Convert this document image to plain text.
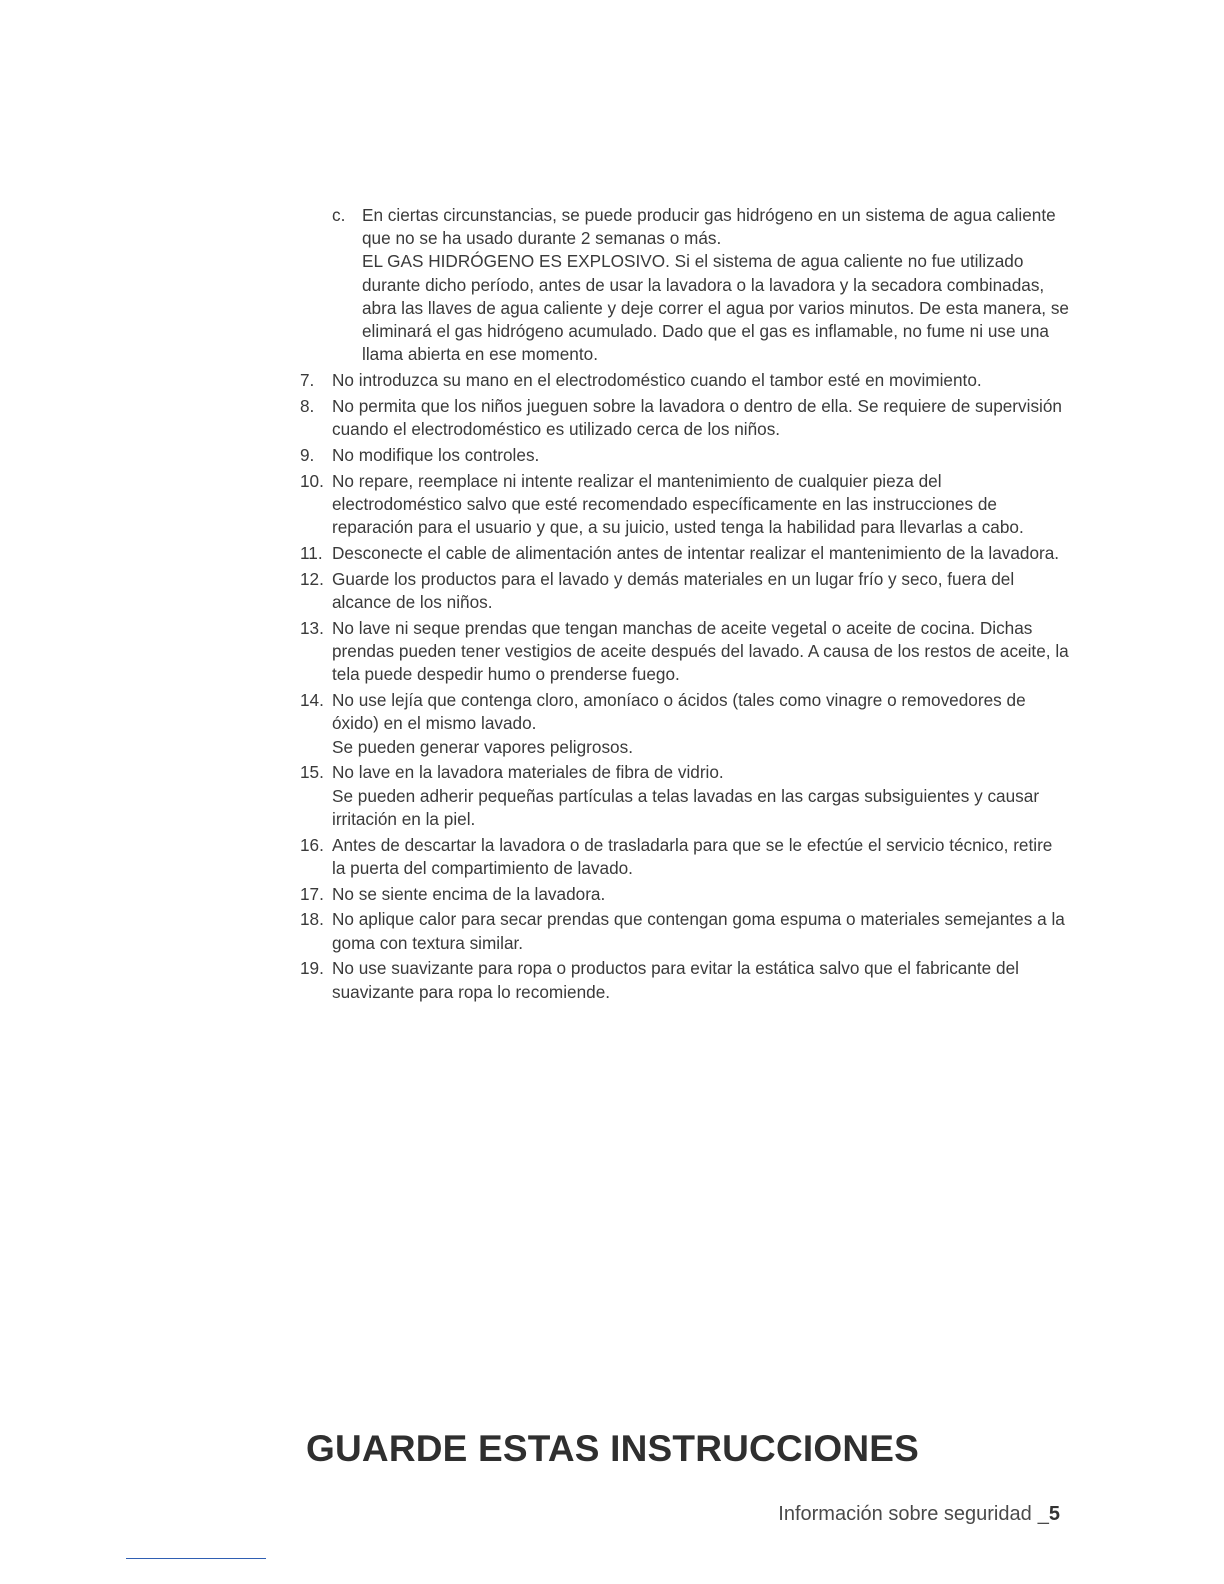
c. En ciertas circunstancias, se puede producir gas hidrógeno en un sistema de agua caliente que no se ha usado durante 2 semanas o más.
EL GAS HIDRÓGENO ES EXPLOSIVO. Si el sistema de agua caliente no fue utilizado durante dicho período, antes de usar la lavadora o la lavadora y la secadora combinadas, abra las llaves de agua caliente y deje correr el agua por varios minutos. De esta manera, se eliminará el gas hidrógeno acumulado. Dado que el gas es inflamable, no fume ni use una llama abierta en ese momento.
7.	No introduzca su mano en el electrodoméstico cuando el tambor esté en movimiento.
8.	No permita que los niños jueguen sobre la lavadora o dentro de ella. Se requiere de supervisión cuando el electrodoméstico es utilizado cerca de los niños.
9.	No modifique los controles.
10. No repare, reemplace ni intente realizar el mantenimiento de cualquier pieza del electrodoméstico salvo que esté recomendado específicamente en las instrucciones de reparación para el usuario y que, a su juicio, usted tenga la habilidad para llevarlas a cabo.
11. Desconecte el cable de alimentación antes de intentar realizar el mantenimiento de la lavadora.
12. Guarde los productos para el lavado y demás materiales en un lugar frío y seco, fuera del alcance de los niños.
13. No lave ni seque prendas que tengan manchas de aceite vegetal o aceite de cocina. Dichas prendas pueden tener vestigios de aceite después del lavado. A causa de los restos de aceite, la tela puede despedir humo o prenderse fuego.
14. No use lejía que contenga cloro, amoníaco o ácidos (tales como vinagre o removedores de óxido) en el mismo lavado.
Se pueden generar vapores peligrosos.
15. No lave en la lavadora materiales de fibra de vidrio.
Se pueden adherir pequeñas partículas a telas lavadas en las cargas subsiguientes y causar irritación en la piel.
16. Antes de descartar la lavadora o de trasladarla para que se le efectúe el servicio técnico, retire la puerta del compartimiento de lavado.
17. No se siente encima de la lavadora.
18. No aplique calor para secar prendas que contengan goma espuma o materiales semejantes a la goma con textura similar.
19. No use suavizante para ropa o productos para evitar la estática salvo que el fabricante del suavizante para ropa lo recomiende.
GUARDE ESTAS INSTRUCCIONES
Información sobre seguridad _5
